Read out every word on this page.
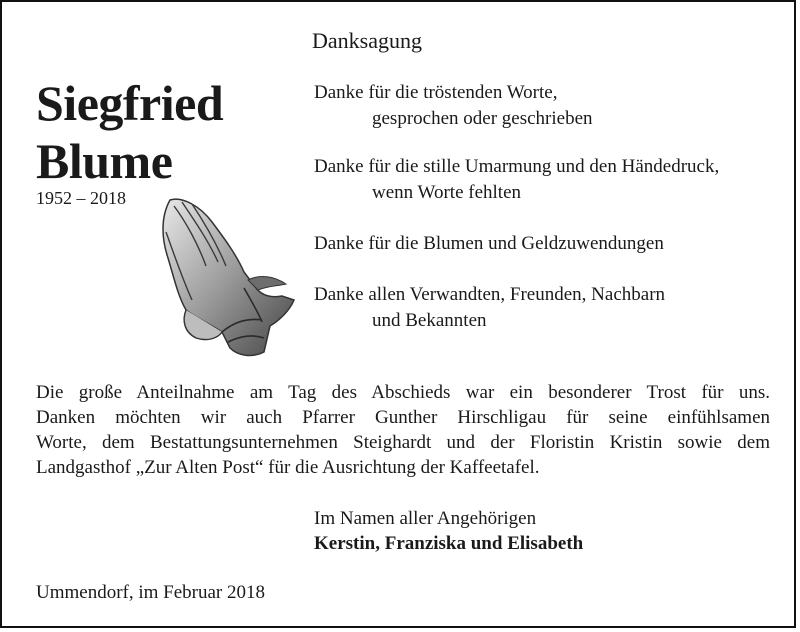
Danksagung
Siegfried
Blume
1952 – 2018
Danke für die tröstenden Worte,
gesprochen oder geschrieben
Danke für die stille Umarmung und den Händedruck,
wenn Worte fehlten
Danke für die Blumen und Geldzuwendungen
Danke allen Verwandten, Freunden, Nachbarn
und Bekannten
Die große Anteilnahme am Tag des Abschieds war ein besonderer Trost für uns.
Danken möchten wir auch Pfarrer Gunther Hirschligau für seine einfühlsamen
Worte, dem Bestattungsunternehmen Steighardt und der Floristin Kristin sowie dem
Landgasthof „Zur Alten Post“ für die Ausrichtung der Kaffeetafel.
Im Namen aller Angehörigen
Kerstin, Franziska und Elisabeth
Ummendorf, im Februar 2018
